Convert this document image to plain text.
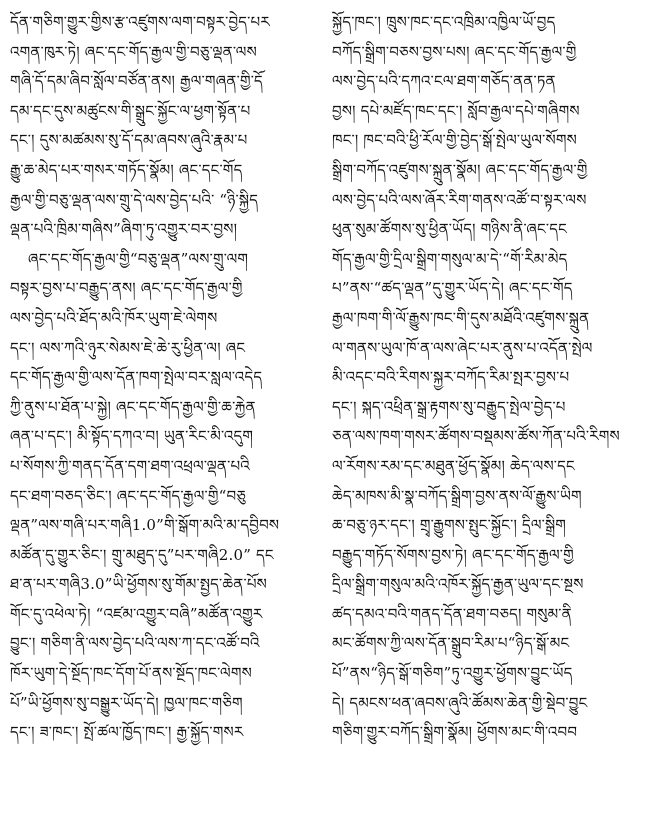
དོན་གཅིག་གྱུར་གྱིས་རྩ་འཛུགས་ལག་བསྟར་བྱེད་པར
འགན་ཁུར་ཏེ། ཞང་དང་གོད་རྒྱལ་གྱི་བཅུ་ལྡན་ལས
གཞི་དོ་དམ་ཞིབ་སློལ་བཙོན་ནས། རྒྱལ་གཞན་གྱི་དོ
དམ་དང་དུས་མཚུངས་གི་སྒྲུང་སྐྱོང་ལ་ཕྱག་སྟོན་པ
དང་། དུས་མཚམས་སུ་དོ་དམ་ཞབས་ཞུའི་རྣམ་པ
རྒྱུ་ཆ་མེད་པར་གསར་གཏོད་སྣོམ། ཞང་དང་གོད
རྒྱལ་གྱི་བཅུ་ལྡན་ལས་གྲུ་དེ་ལས་བྱེད་པའི་ “ཉི་སྐྱིད
ལྡན་པའི་ཁྲིམ་གཞིས”ཞིག་ཏུ་འགྱུར་བར་བྱས།
ཞང་དང་གོད་རྒྱལ་གྱི“བཅུ་ལྡན”ལས་གྲུ་ལག
བསྟར་བྱས་པ་བརྒྱུད་ནས། ཞང་དང་གོད་རྒྱལ་གྱི
ལས་བྱེད་པའི་ཐོད་མའི་ཁོར་ཡུག་ཇེ་ལེགས
དང་། ལས་ཀའི་ཉུར་སེམས་ཇེ་ཆེ་རུ་ཕྱིན་ལ། ཞང
དང་གོད་རྒྱལ་གྱི་ལས་དོན་ཁག་སྤེལ་བར་སླལ་འདེད
ཀྱི་ནུས་པ་ཐོན་པ་སྐྱེ། ཞང་དང་གོད་རྒྱལ་གྱི་ཆ་རྐྱེན
ཞན་པ་དང་། མི་སྟོད་དཀའ་བ། ཡུན་རིང་མི་འདུག
པ་སོགས་ཀྱི་གནད་དོན་དག་ཐག་འཕྲལ་ལྡན་པའི
དང་ཐག་བཅད་ཅིང་། ཞང་དང་གོད་རྒྱལ་གྱི“བཅུ
ལྡན”ལས་གཞི་པར་གཞི1.0”གི་སྒོག་མའི་མ་དབྱིབས
མཚོན་དུ་གྱུར་ཅིང་། གྲུ་མཐུད་དུ”པར་གཞི2.0” དང
ཐ་ན་པར་གཞི3.0”ཡི་ཕྱོགས་སུ་གོམ་སྤྱད་ཆེན་པོས
གོང་དུ་འཕེལ་ཏེ། “འཛམ་འགྱུར་བཞི”མཚོན་འགྱུར
བྱུང་། གཅིག་ནི་ལས་བྱེད་པའི་ལས་ཀ་དང་འཚོ་བའི
ཁོར་ཡུག་དེ་སྔོད་ཁང་དོག་པོ་ནས་སྔོད་ཁང་ལེགས
པོ”ཡི་ཕྱོགས་སུ་བསྒྱུར་ཡོད་དེ། ཁྱལ་ཁང་གཅིག
དང་། ཟ་ཁང་། སྤོ་ཚལ་ཁྱོད་ཁང་། རྒྱ་སྐྱོད་གསར
སྐྱོད་ཁང་། ཁྲུས་ཁང་དང་འཁྲིམ་འཁྱིལ་ཡོ་བྱད
བཀོད་སྒྲིག་བཅས་བྱས་པས། ཞང་དང་གོད་རྒྱལ་གྱི
ལས་བྱེད་པའི་དཀའ་ངལ་ཐག་གཅོད་ནན་ཏན
བྱས། དཔེ་མཛོད་ཁང་དང་། སློབ་རྒྱལ་དཔེ་གཞིགས
ཁང་། ཁང་བའི་ཕྱི་རོལ་གྱི་བྱེད་སྒོ་སྤེལ་ཡུལ་སོགས
སྒྲིག་བཀོད་འཛུགས་སྐྲུན་སྣོམ། ཞང་དང་གོད་རྒྱལ་གྱི
ལས་བྱེད་པའི་ལས་ཞོར་རིག་གནས་འཚོ་བ་སྟར་ལས
ཕུན་སུམ་ཚོགས་སུ་ཕྱིན་ཡོད། གཉིས་ནི་ཞང་དང
གོད་རྒྱལ་གྱི་དྲིལ་སྒྲིག་གསུལ་མ་དེ་“གོ་རིམ་མེད
པ”ནས་“ཚད་ལྡན”དུ་གྱུར་ཡོད་དེ། ཞང་དང་གོད
རྒྱལ་ཁག་གི་ལོ་རྒྱུས་ཁང་གི་དུས་མཐོའི་འཛུགས་སྐྲུན
ལ་གནས་ཡུལ་ཁོ་ན་ལས་ཞེང་པར་ནུས་པ་འདོན་སྤེལ
མི་འདང་བའི་རིགས་སྐྱར་བཀོད་རིམ་སྤར་བྱས་པ
དང་། སྐད་འཕྲིན་སྒྲ་རྟགས་སུ་བརྒྱུད་སྤེལ་བྱེད་པ
ཅན་ལས་ཁག་གསར་ཚོགས་བསྡམས་ཚོས་ཀོན་པའི་རིགས
ལ་རོགས་རམ་དང་མཐུན་ཕྱོད་སྣོམ། ཆེད་ལས་དང
ཆེད་མཁས་མི་སྣ་བཀོད་སྒྲིག་བྱས་ནས་ལོ་རྒྱུས་ཡིག
ཆ་བཅུ་ཉར་དང་། གྲྭ་རྒྱུགས་སྤུང་སྐྱོང་། དྲིལ་སྒྲིག
བརྒྱུད་གཏོད་སོགས་བྱས་ཏེ། ཞང་དང་གོད་རྒྱལ་གྱི
དྲིལ་སྒྲིག་གསུལ་མའི་འཁོར་སྐྱོད་རྒྱན་ཡུལ་དང་སྔས
ཚད་དམའ་བའི་གནད་དོན་ཐག་བཅད། གསུམ་ནི
མང་ཚོགས་ཀྱི་ལས་དོན་སྒྲུབ་རིམ་པ“ཉིད་སྒོ་མང
པོ”ནས“ཉིད་སྒོ་གཅིག”ཏུ་འགྱུར་ཕྱོགས་བྱུང་ཡོད
དེ། དམངས་ཕན་ཞབས་ཞུའི་ཚོམས་ཆེན་གྱི་སྡེབ་བྱུང
གཅིག་གྱུར་བཀོད་སྒྲིག་སྣོམ། ཕྱོགས་མང་གི་འབབ
